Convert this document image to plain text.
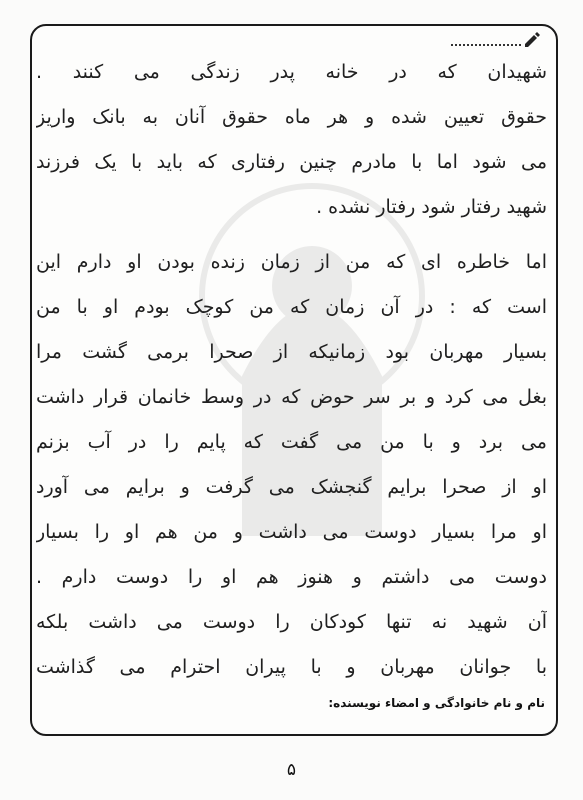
شهیدان که در خانه پدر زندگی می کنند .
حقوق تعیین شده و هر ماه حقوق آنان به بانک واریز
می شود اما با مادرم چنین رفتاری که باید با یک فرزند
شهید رفتار شود رفتار نشده .
اما خاطره ای که من از زمان زنده بودن او دارم این
است که : در آن زمان که من کوچک بودم او با من
بسیار مهربان بود زمانیکه از صحرا برمی گشت مرا
بغل می کرد و بر سر حوض که در وسط خانمان قرار داشت
می برد و با من می گفت که پایم را در آب بزنم
او از صحرا برایم گنجشک می گرفت و برایم می آورد
او مرا بسیار دوست می داشت و من هم او را بسیار
دوست می داشتم و هنوز هم او را دوست دارم .
آن شهید نه تنها کودکان را دوست می داشت بلکه
با جوانان مهربان و با پیران احترام می گذاشت
نام و نام خانوادگی و امضاء نویسنده:
۵
